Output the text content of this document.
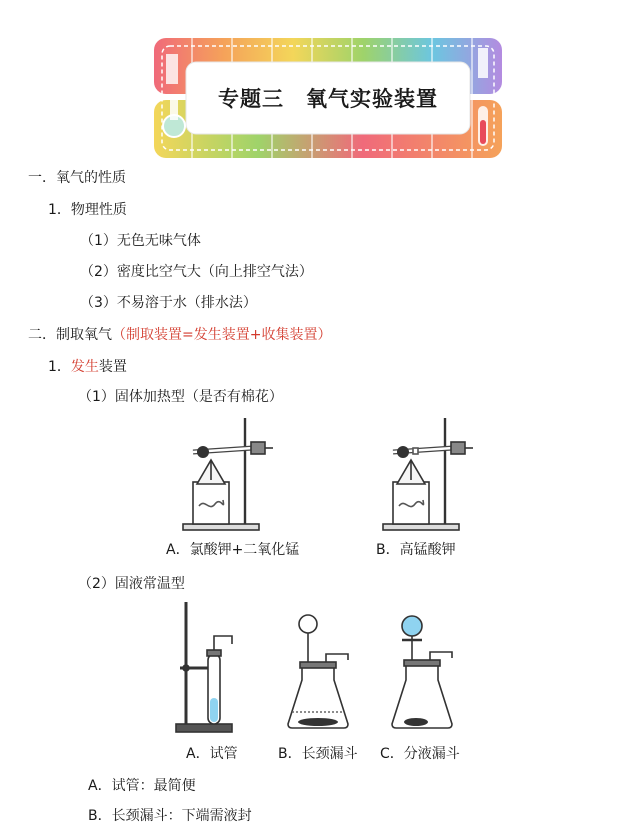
专题三　氧气实验装置
一．氧气的性质
1．物理性质
（1）无色无味气体
（2）密度比空气大（向上排空气法）
（3）不易溶于水（排水法）
二．制取氧气（制取装置=发生装置+收集装置）
1．发生装置
（1）固体加热型（是否有棉花）
A．氯酸钾+二氧化锰	B．高锰酸钾
（2）固液常温型
A．试管	B．长颈漏斗 C．分液漏斗
A．试管：最简便
B．长颈漏斗：下端需液封
